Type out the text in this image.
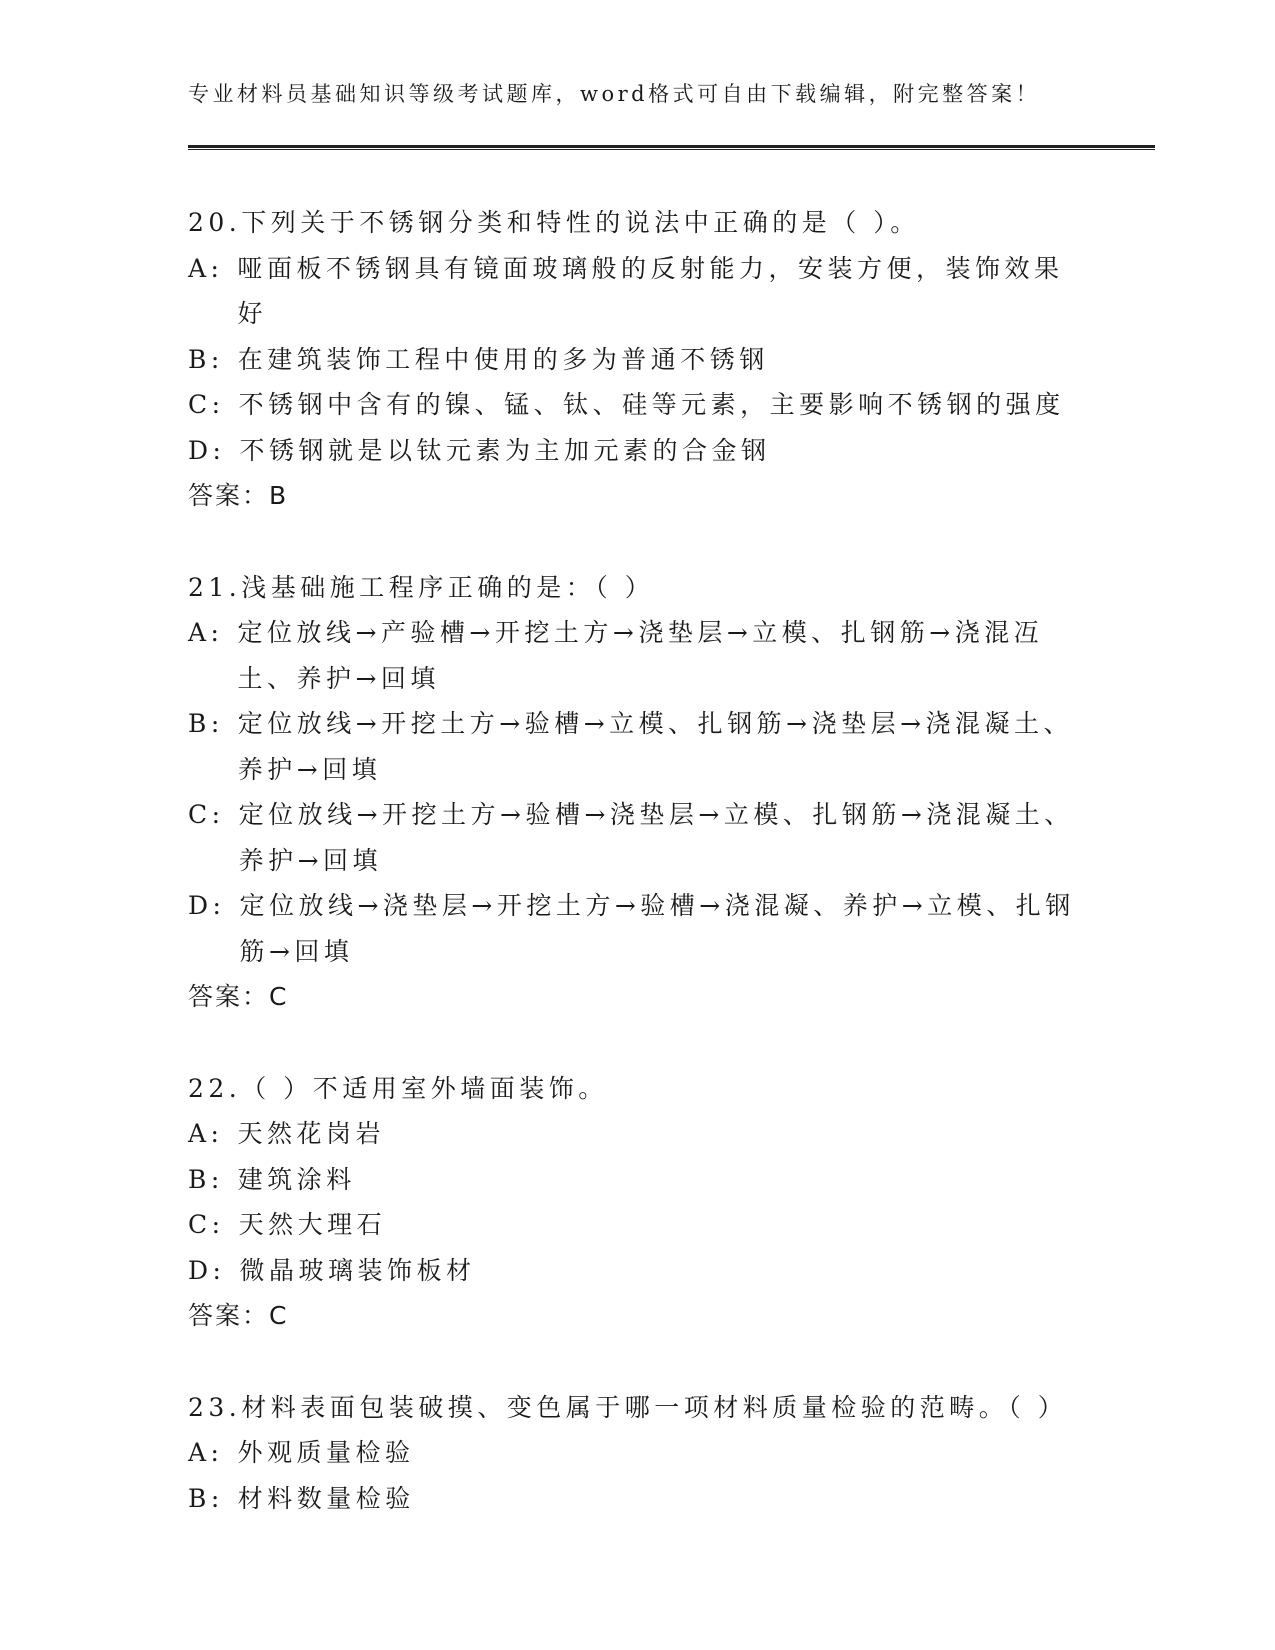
专业材料员基础知识等级考试题库，word格式可自由下载编辑，附完整答案！
20.下列关于不锈钢分类和特性的说法中正确的是（ ）。
A: 哑面板不锈钢具有镜面玻璃般的反射能力，安装方便，装饰效果好
B: 在建筑装饰工程中使用的多为普通不锈钢
C: 不锈钢中含有的镍、锰、钛、硅等元素，主要影响不锈钢的强度
D: 不锈钢就是以钛元素为主加元素的合金钢
答案：B
21.浅基础施工程序正确的是：（ ）
A: 定位放线→产验槽→开挖土方→浇垫层→立模、扎钢筋→浇混冱土、养护→回填
B: 定位放线→开挖土方→验槽→立模、扎钢筋→浇垫层→浇混凝土、养护→回填
C: 定位放线→开挖土方→验槽→浇垫层→立模、扎钢筋→浇混凝土、养护→回填
D: 定位放线→浇垫层→开挖土方→验槽→浇混凝、养护→立模、扎钢筋→回填
答案：C
22.（ ）不适用室外墙面装饰。
A: 天然花岗岩
B: 建筑涂料
C: 天然大理石
D: 微晶玻璃装饰板材
答案：C
23.材料表面包装破摸、变色属于哪一项材料质量检验的范畴。（ ）
A: 外观质量检验
B: 材料数量检验
